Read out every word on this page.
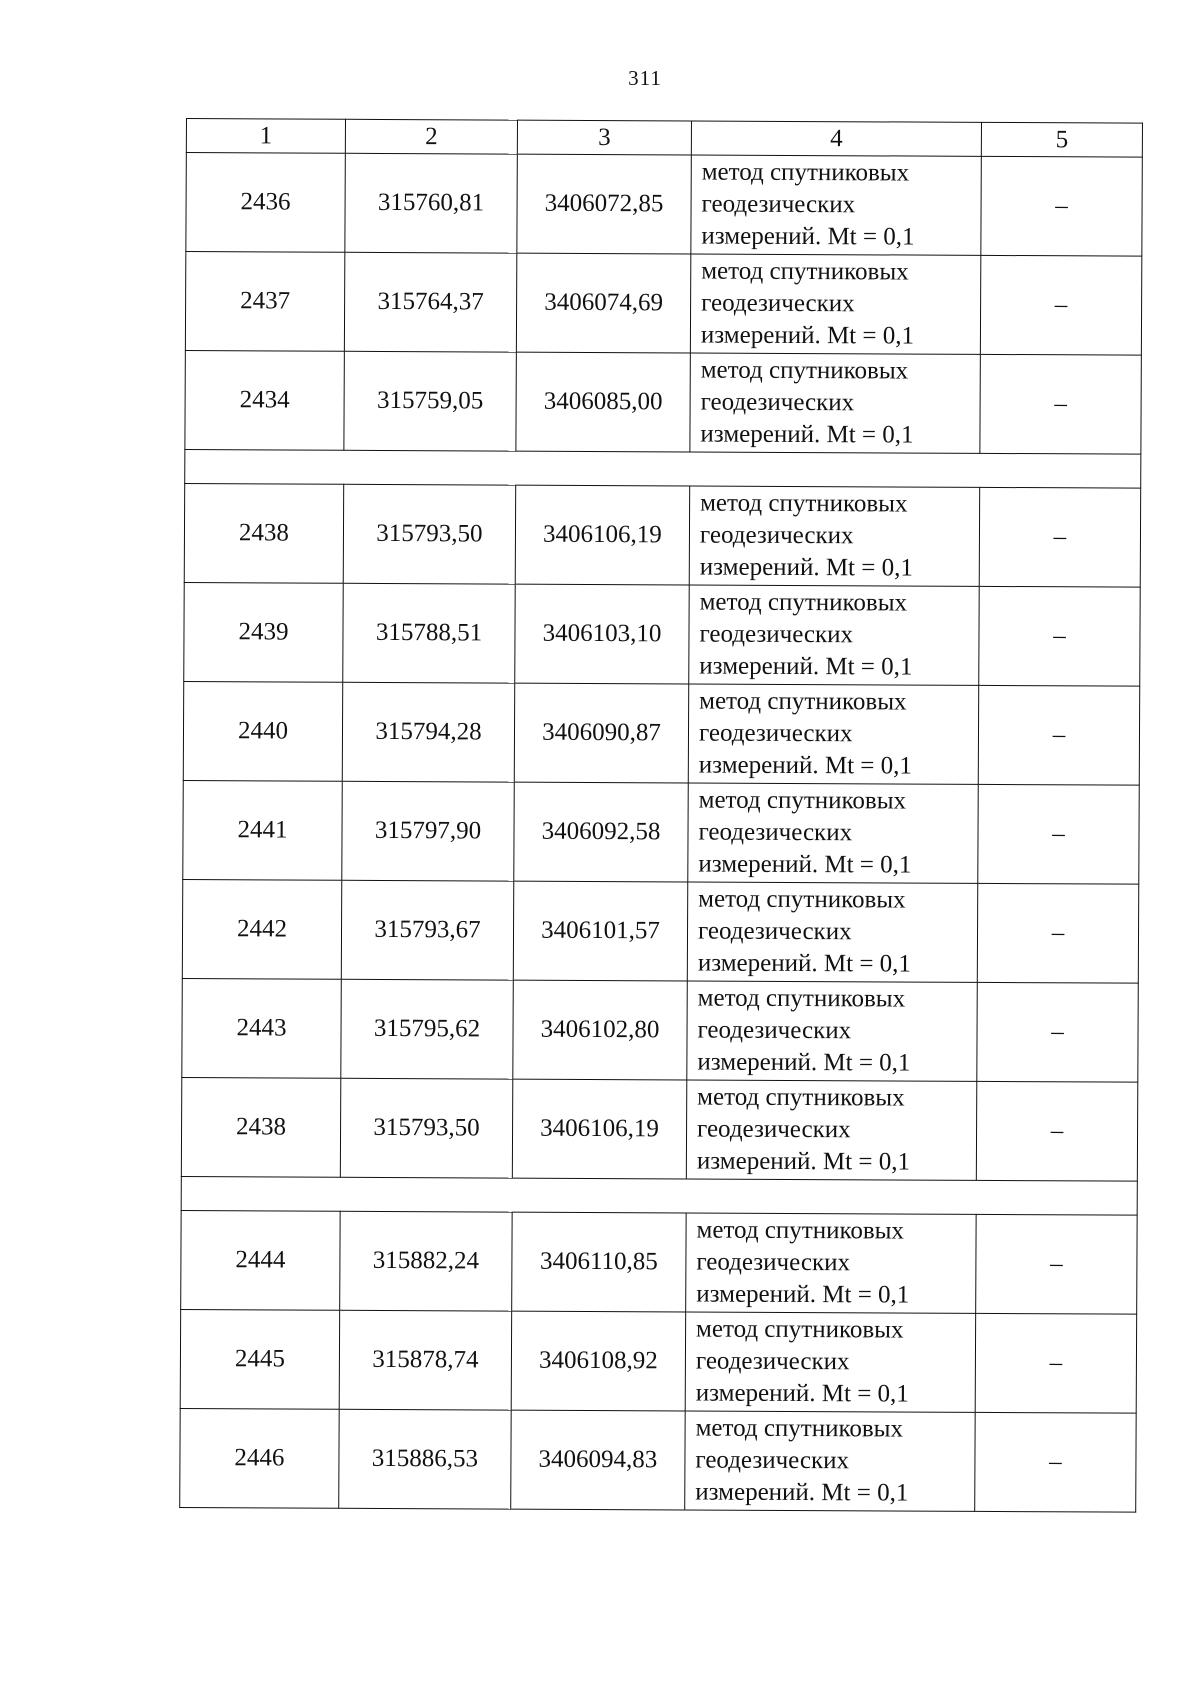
311
1	2	3	4	5
2436	315760,81	3406072,85	метод спутниковых
геодезических
измерений. Mt = 0,1	–
2437	315764,37	3406074,69	метод спутниковых
геодезических
измерений. Mt = 0,1	–
2434	315759,05	3406085,00	метод спутниковых
геодезических
измерений. Mt = 0,1	–

2438	315793,50	3406106,19	метод спутниковых
геодезических
измерений. Mt = 0,1	–
2439	315788,51	3406103,10	метод спутниковых
геодезических
измерений. Mt = 0,1	–
2440	315794,28	3406090,87	метод спутниковых
геодезических
измерений. Mt = 0,1	–
2441	315797,90	3406092,58	метод спутниковых
геодезических
измерений. Mt = 0,1	–
2442	315793,67	3406101,57	метод спутниковых
геодезических
измерений. Mt = 0,1	–
2443	315795,62	3406102,80	метод спутниковых
геодезических
измерений. Mt = 0,1	–
2438	315793,50	3406106,19	метод спутниковых
геодезических
измерений. Mt = 0,1	–

2444	315882,24	3406110,85	метод спутниковых
геодезических
измерений. Mt = 0,1	–
2445	315878,74	3406108,92	метод спутниковых
геодезических
измерений. Mt = 0,1	–
2446	315886,53	3406094,83	метод спутниковых
геодезических
измерений. Mt = 0,1	–
